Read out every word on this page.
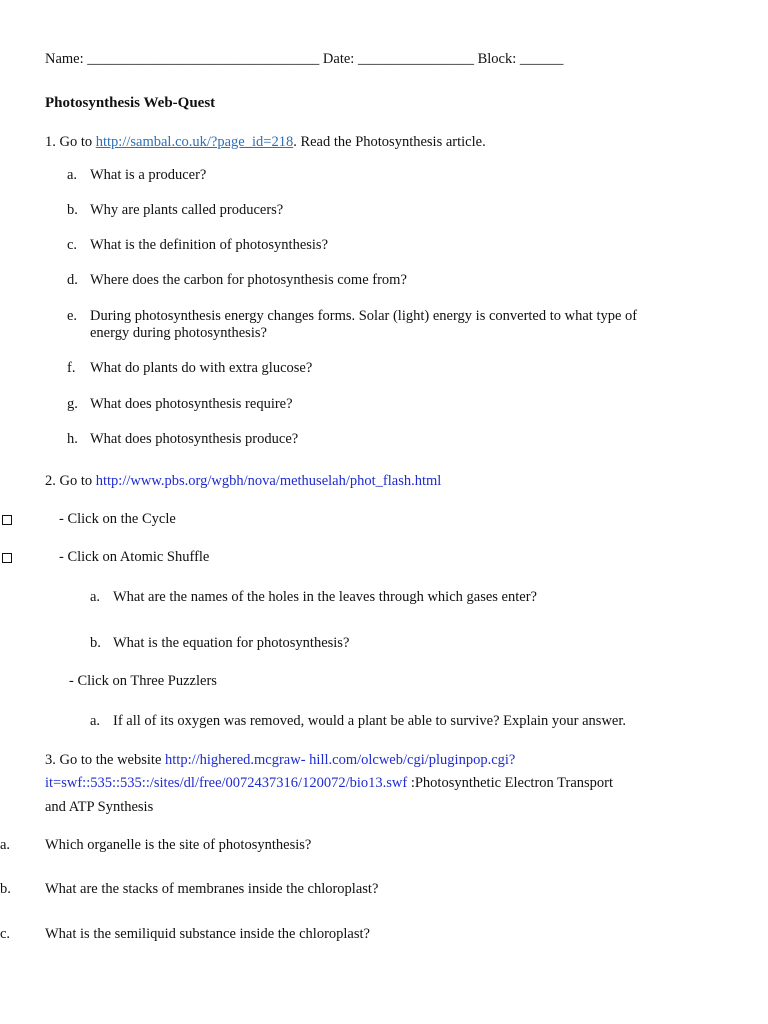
Name: ________________________________ Date: ________________ Block: ______
Photosynthesis Web-Quest
1. Go to http://sambal.co.uk/?page_id=218. Read the Photosynthesis article.
a. What is a producer?
b. Why are plants called producers?
c. What is the definition of photosynthesis?
d. Where does the carbon for photosynthesis come from?
e. During photosynthesis energy changes forms. Solar (light) energy is converted to what type of
energy during photosynthesis?
f. What do plants do with extra glucose?
g. What does photosynthesis require?
h. What does photosynthesis produce?
2. Go to http://www.pbs.org/wgbh/nova/methuselah/phot_flash.html
- Click on the Cycle
- Click on Atomic Shuffle
a. What are the names of the holes in the leaves through which gases enter?
b. What is the equation for photosynthesis?
- Click on Three Puzzlers
a. If all of its oxygen was removed, would a plant be able to survive? Explain your answer.
3. Go to the website http://highered.mcgraw- hill.com/olcweb/cgi/pluginpop.cgi?
it=swf::535::535::/sites/dl/free/0072437316/120072/bio13.swf :Photosynthetic Electron Transport
and ATP Synthesis
a. Which organelle is the site of photosynthesis?
b. What are the stacks of membranes inside the chloroplast?
c. What is the semiliquid substance inside the chloroplast?
